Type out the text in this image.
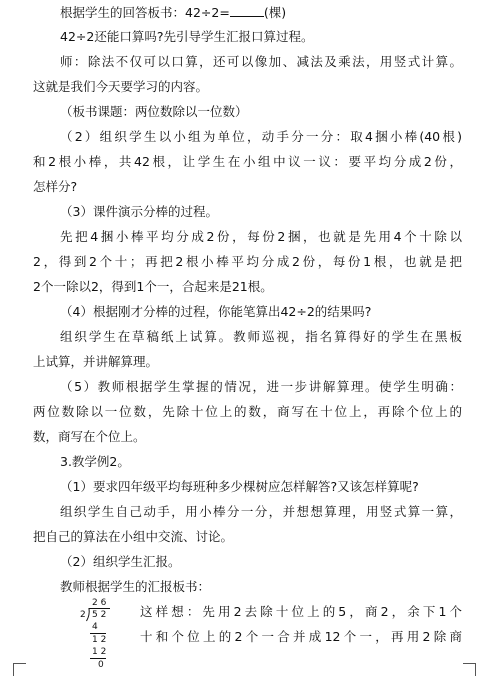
根据学生的回答板书：42÷2=	(棵)
42÷2还能口算吗?先引导学生汇报口算过程。
师：除法不仅可以口算，还可以像加、减法及乘法，用竖式计算。
这就是我们今天要学习的内容。
（板书课题：两位数除以一位数）
（2）组织学生以小组为单位，动手分一分：取4捆小棒(40根)
和2根小棒，共42根，让学生在小组中议一议：要平均分成2份，
怎样分?
（3）课件演示分棒的过程。
先把4捆小棒平均分成2份，每份2捆，也就是先用4个十除以
2，得到2个十；再把2根小棒平均分成2份，每份1根，也就是把
2个一除以2，得到1个一，合起来是21根。
（4）根据刚才分棒的过程，你能笔算出42÷2的结果吗?
组织学生在草稿纸上试算。教师巡视，指名算得好的学生在黑板
上试算，并讲解算理。
（5）教师根据学生掌握的情况，进一步讲解算理。使学生明确：
两位数除以一位数，先除十位上的数，商写在十位上，再除个位上的
数，商写在个位上。
3.教学例2。
（1）要求四年级平均每班种多少棵树应怎样解答?又该怎样算呢?
组织学生自己动手，用小棒分一分，并想想算理，用竖式算一算，
把自己的算法在小组中交流、讨论。
（2）组织学生汇报。
教师根据学生的汇报板书：
这样想：先用2去除十位上的5，商2，余下1个
十和个位上的2个一合并成12个一，再用2除商
2 6
2 5 2
4
1 2
1 2
0
